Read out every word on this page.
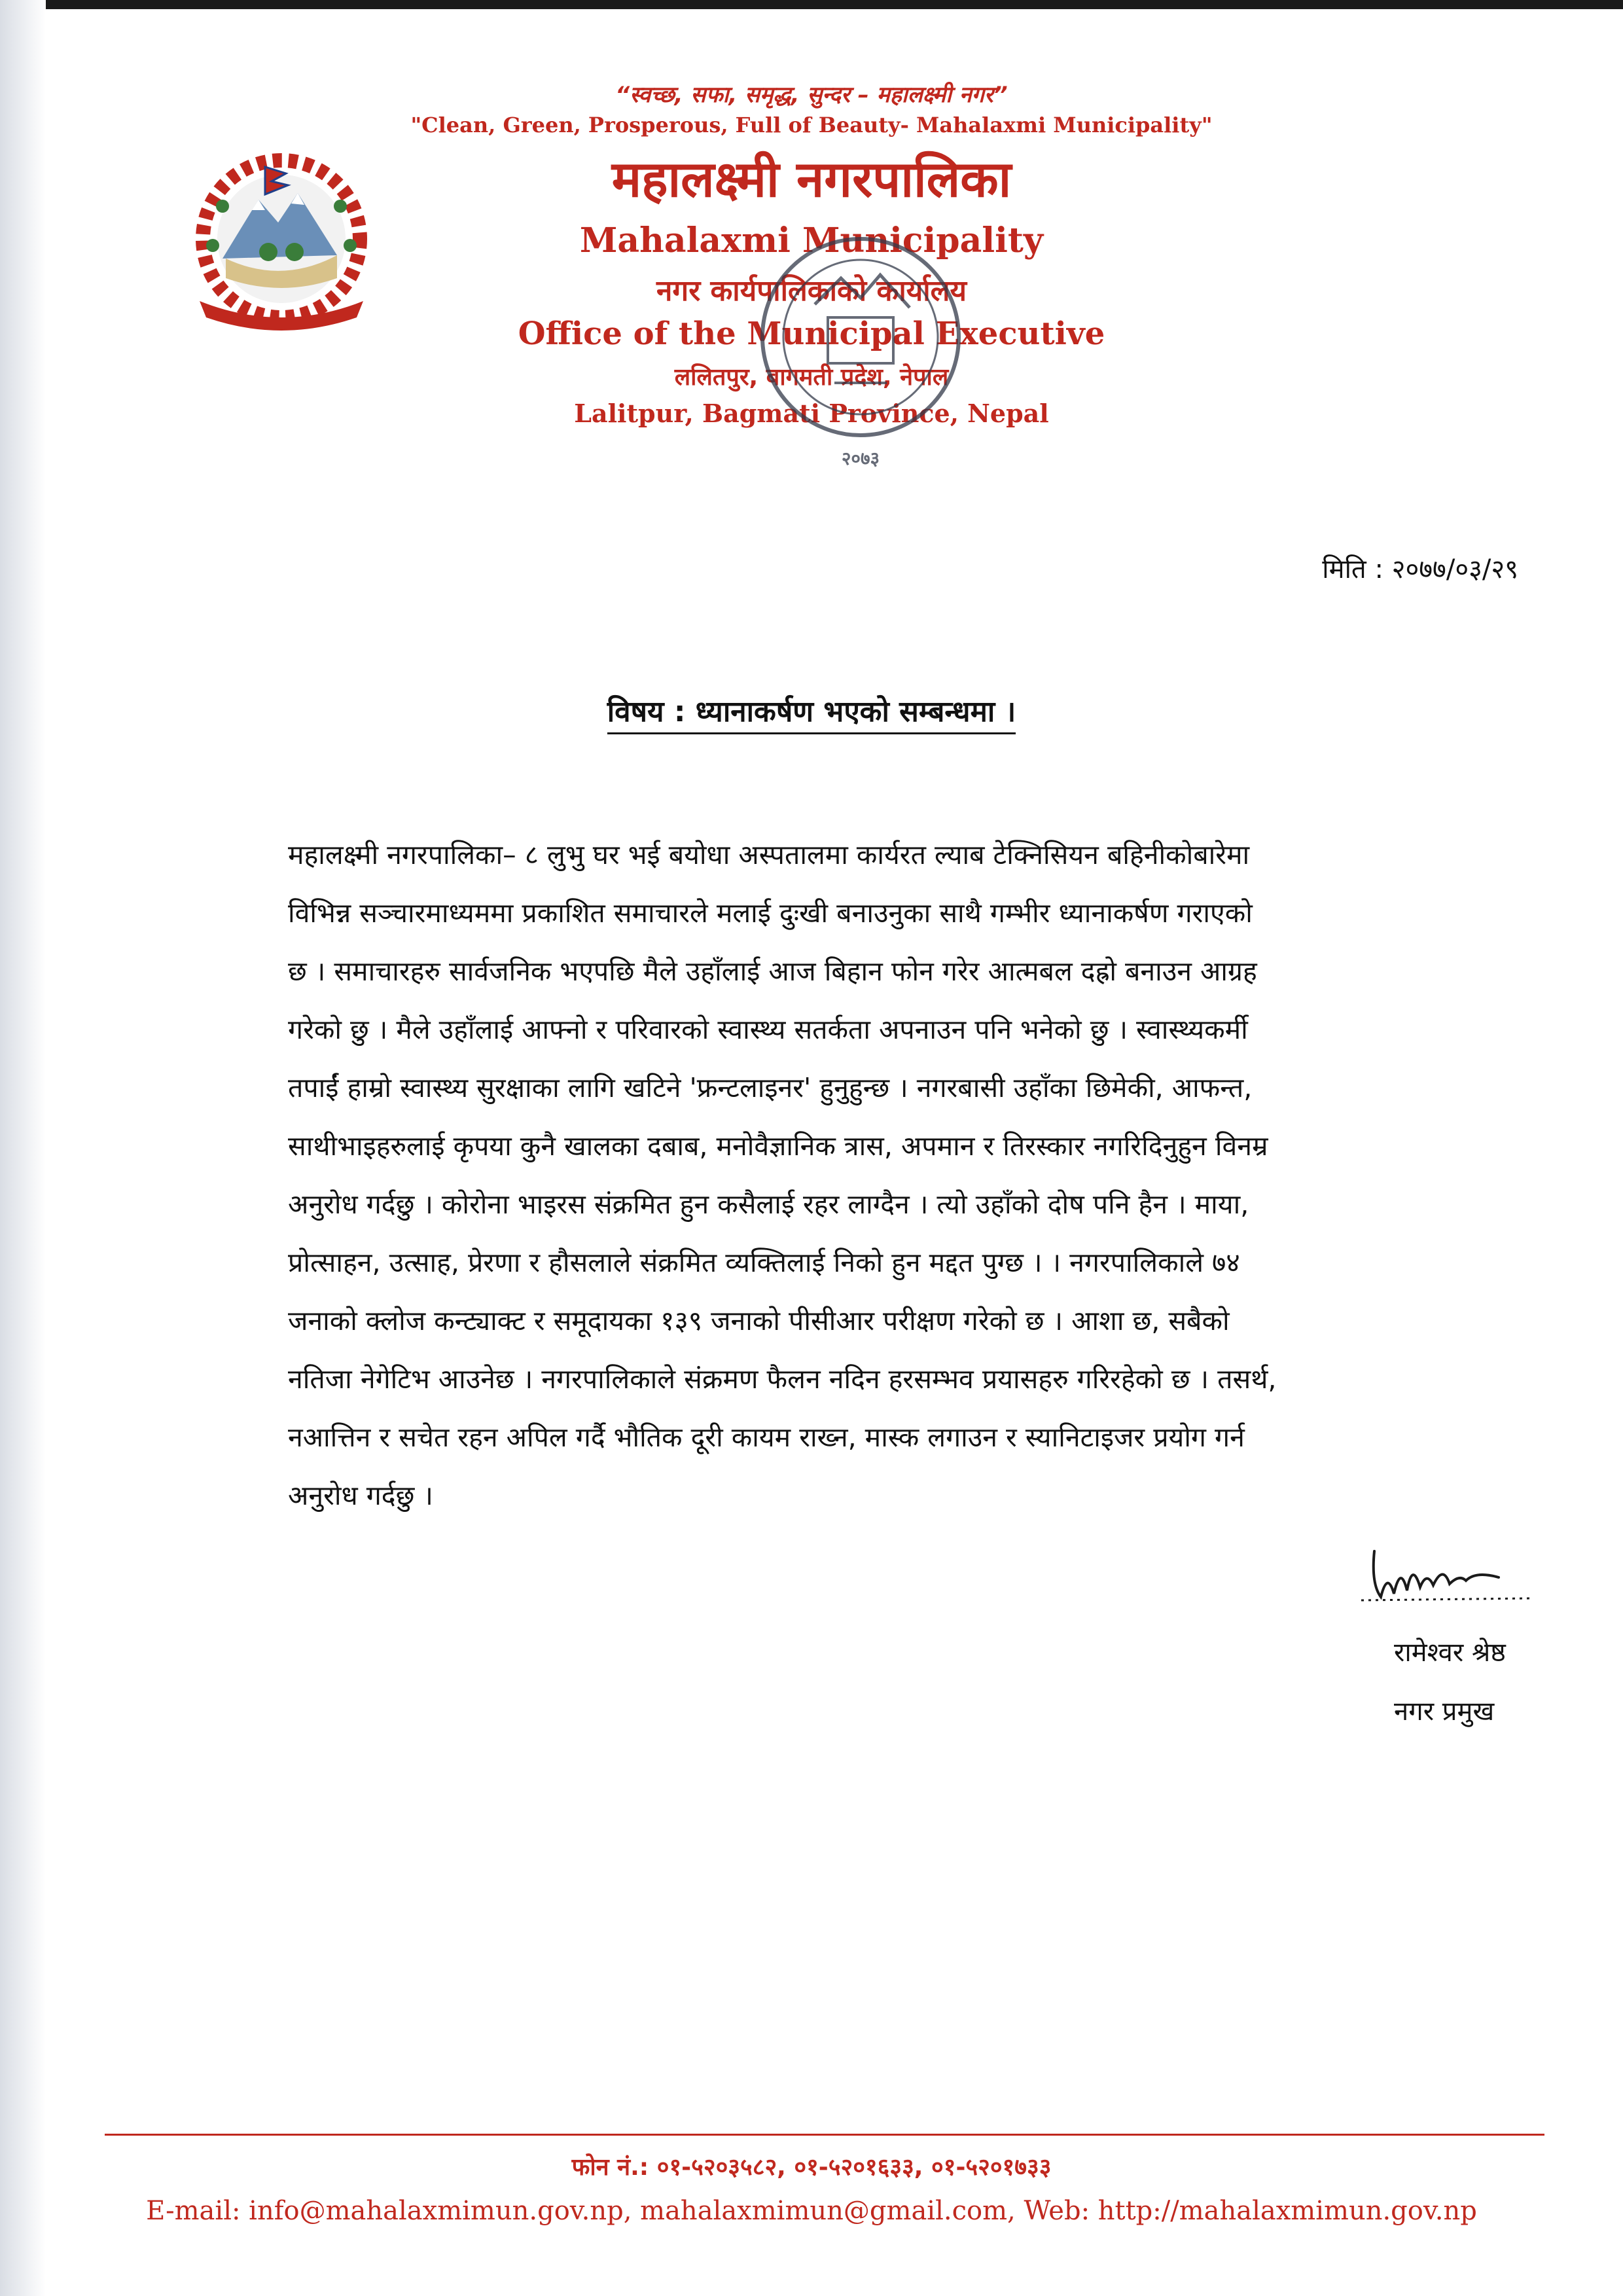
“स्वच्छ, सफा, समृद्ध, सुन्दर – महालक्ष्मी नगर”
"Clean, Green, Prosperous, Full of Beauty- Mahalaxmi Municipality"
महालक्ष्मी नगरपालिका
Mahalaxmi Municipality
नगर कार्यपालिकाको कार्यालय
Office of the Municipal Executive
ललितपुर, बागमती प्रदेश, नेपाल
Lalitpur, Bagmati Province, Nepal
२०७३
मिति : २०७७/०३/२९
विषय : ध्यानाकर्षण भएको सम्बन्धमा ।
महालक्ष्मी नगरपालिका– ८ लुभु घर भई बयोधा अस्पतालमा कार्यरत ल्याब टेक्निसियन बहिनीकोबारेमा
विभिन्न सञ्चारमाध्यममा प्रकाशित समाचारले मलाई दुःखी बनाउनुका साथै गम्भीर ध्यानाकर्षण गराएको
छ । समाचारहरु सार्वजनिक भएपछि मैले उहाँलाई आज बिहान फोन गरेर आत्मबल दह्रो बनाउन आग्रह
गरेको छु । मैले उहाँलाई आफ्नो र परिवारको स्वास्थ्य सतर्कता अपनाउन पनि भनेको छु । स्वास्थ्यकर्मी
तपाईं हाम्रो स्वास्थ्य सुरक्षाका लागि खटिने 'फ्रन्टलाइनर' हुनुहुन्छ । नगरबासी उहाँका छिमेकी, आफन्त,
साथीभाइहरुलाई कृपया कुनै खालका दबाब, मनोवैज्ञानिक त्रास, अपमान र तिरस्कार नगरिदिनुहुन विनम्र
अनुरोध गर्दछु । कोरोना भाइरस संक्रमित हुन कसैलाई रहर लाग्दैन । त्यो उहाँको दोष पनि हैन । माया,
प्रोत्साहन, उत्साह, प्रेरणा र हौसलाले संक्रमित व्यक्तिलाई निको हुन मद्दत पुग्छ । । नगरपालिकाले ७४
जनाको क्लोज कन्ट्याक्ट र समूदायका १३९ जनाको पीसीआर परीक्षण गरेको छ । आशा छ, सबैको
नतिजा नेगेटिभ आउनेछ । नगरपालिकाले संक्रमण फैलन नदिन हरसम्भव प्रयासहरु गरिरहेको छ । तसर्थ,
नआत्तिन र सचेत रहन अपिल गर्दै भौतिक दूरी कायम राख्न, मास्क लगाउन र स्यानिटाइजर प्रयोग गर्न
अनुरोध गर्दछु ।
रामेश्वर श्रेष्ठ
नगर प्रमुख
फोन नं.: ०१-५२०३५८२, ०१-५२०१६३३, ०१-५२०१७३३
E-mail: info@mahalaxmimun.gov.np, mahalaxmimun@gmail.com, Web: http://mahalaxmimun.gov.np
